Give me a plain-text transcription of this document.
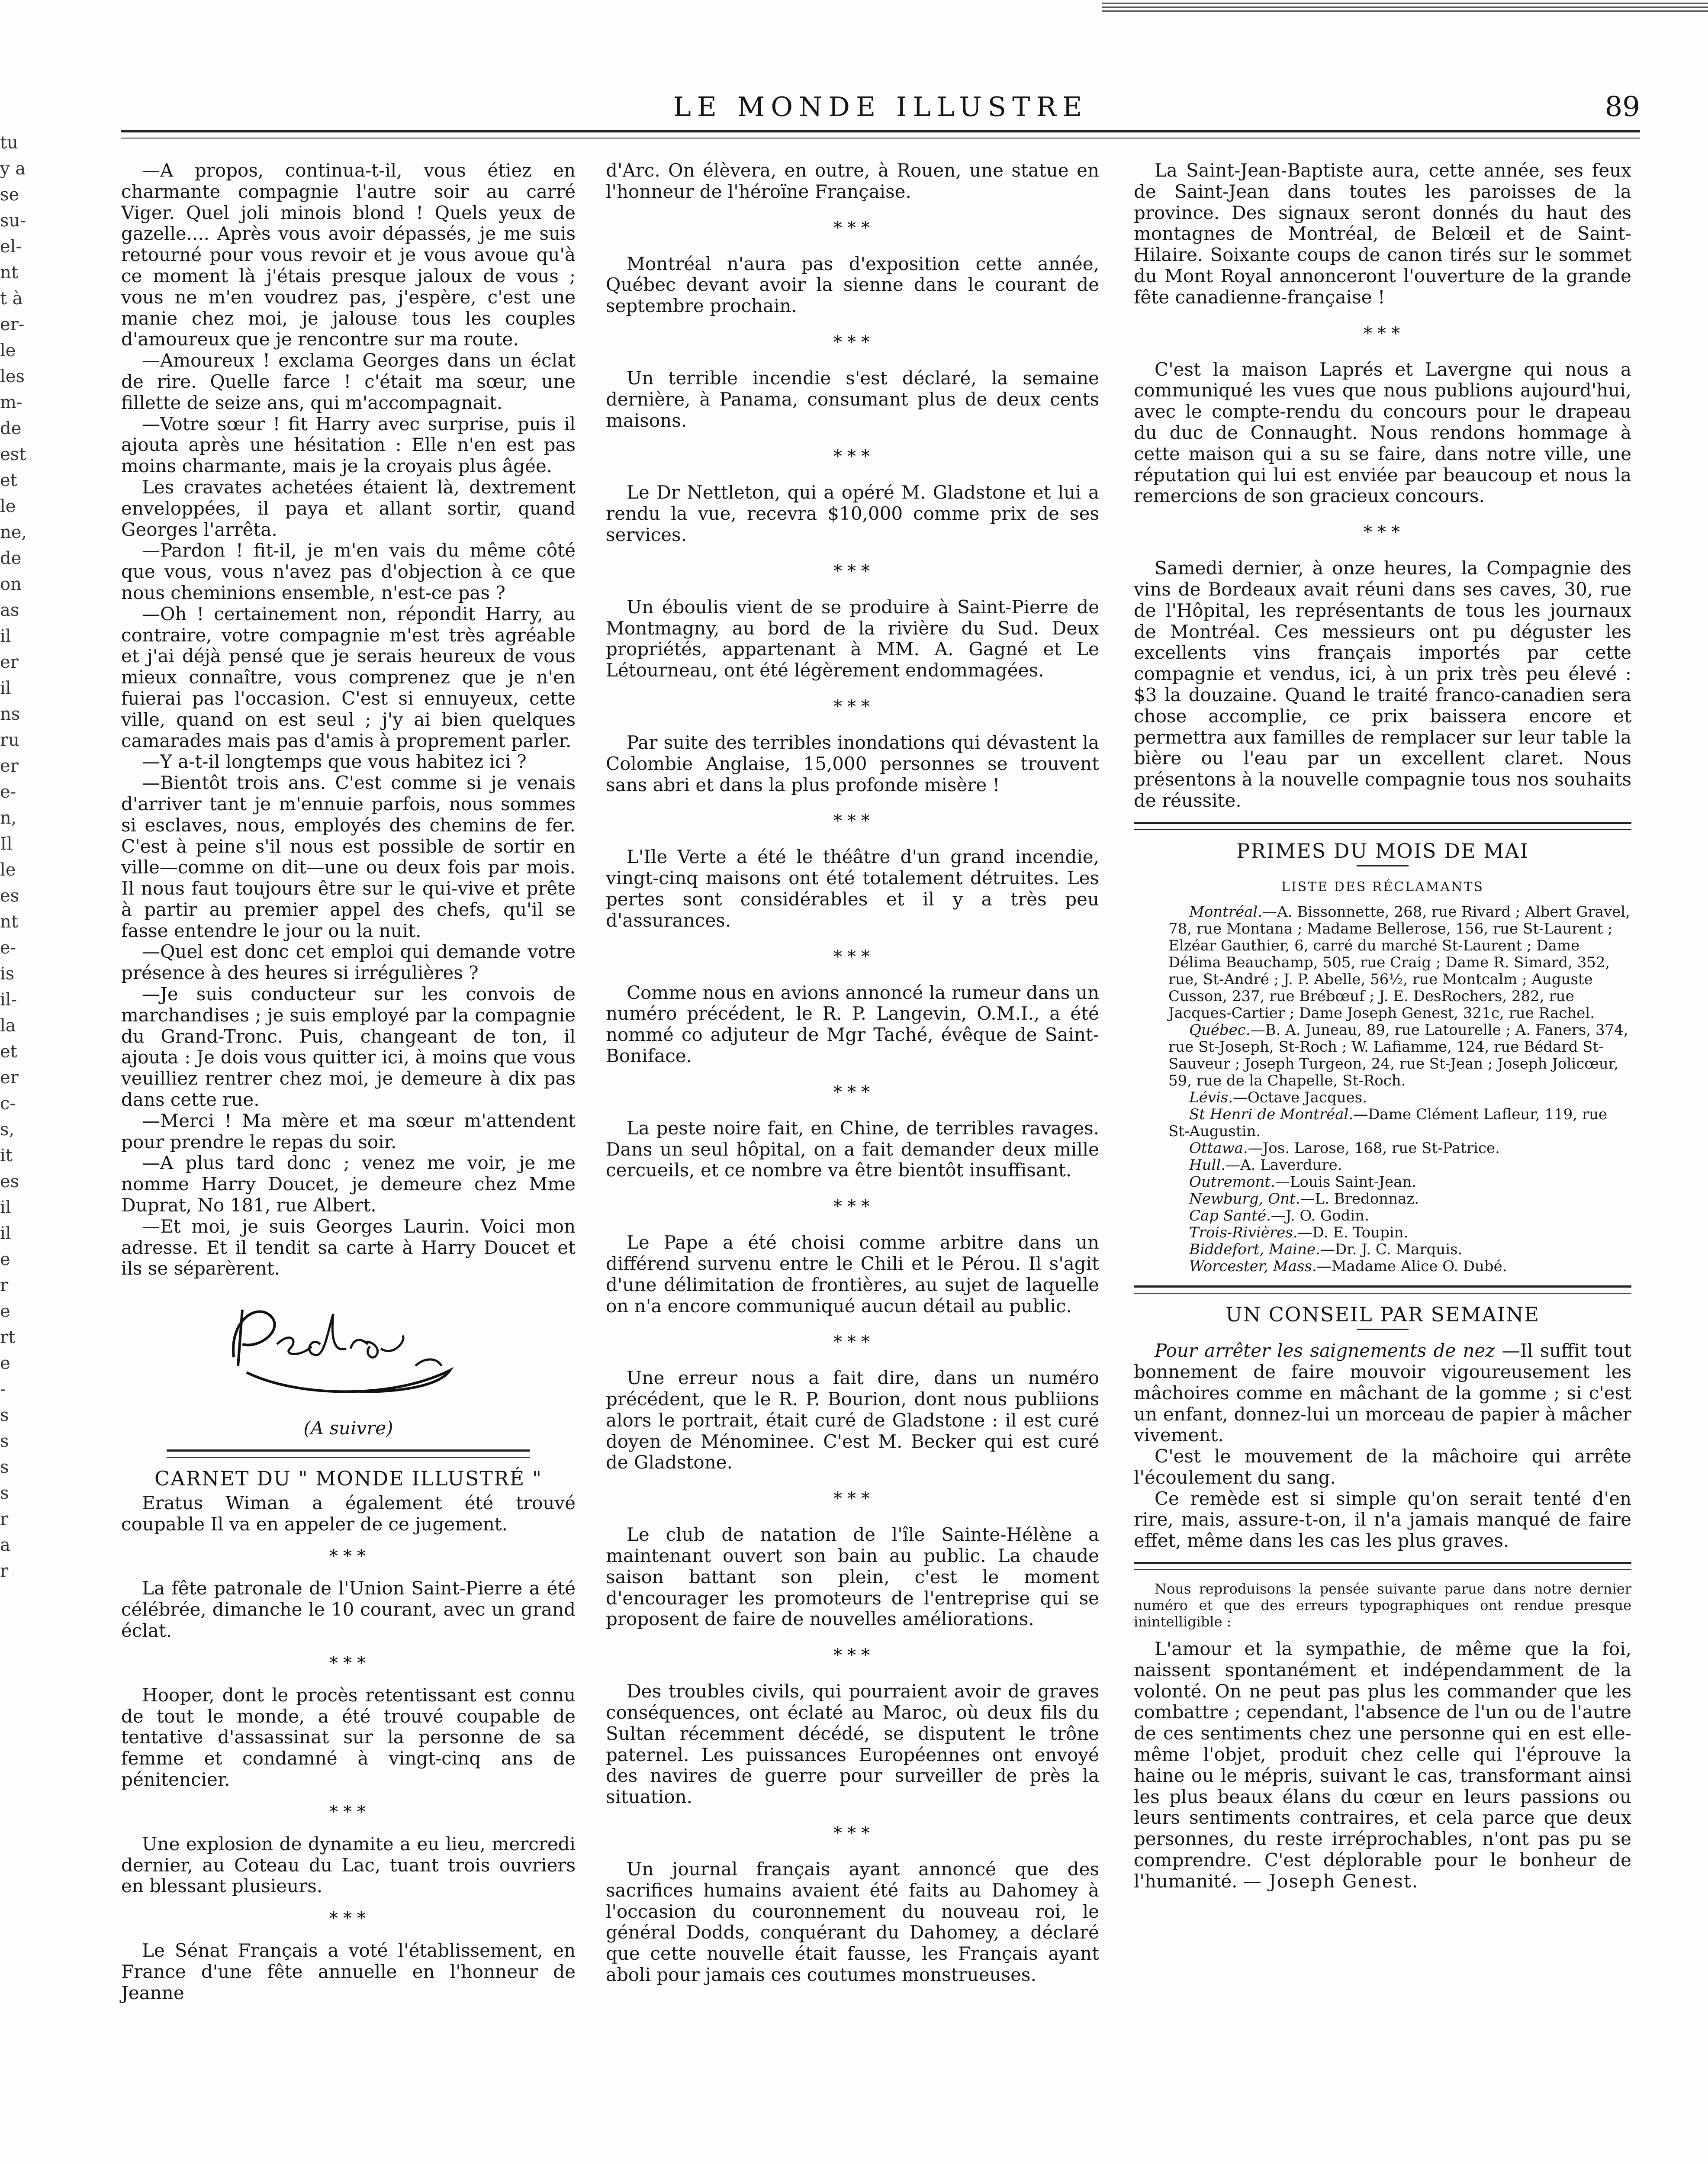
tu
y a
se
su-
el-
nt
t à
er-
le
les
m-
de
est
et
le
ne,
de
on
as
il
er
il
ns
ru
er
e-
n,
Il
le
es
nt
e-
is
il-
la
et
er
c-
s,
it
es
il
il
e
r
e
rt
e
-
s
s
s
s
r
a
r
LE MONDE ILLUSTRE	89

—A propos, continua-t-il, vous étiez en charmante compagnie l'autre soir au carré Viger. Quel joli minois blond ! Quels yeux de gazelle.... Après vous avoir dépassés, je me suis retourné pour vous revoir et je vous avoue qu'à ce moment là j'étais presque jaloux de vous ; vous ne m'en voudrez pas, j'espère, c'est une manie chez moi, je jalouse tous les couples d'amoureux que je rencontre sur ma route.

—Amoureux ! exclama Georges dans un éclat de rire. Quelle farce ! c'était ma sœur, une fillette de seize ans, qui m'accompagnait.

—Votre sœur ! fit Harry avec surprise, puis il ajouta après une hésitation : Elle n'en est pas moins charmante, mais je la croyais plus âgée.

Les cravates achetées étaient là, dextrement enveloppées, il paya et allant sortir, quand Georges l'arrêta.

—Pardon ! fit-il, je m'en vais du même côté que vous, vous n'avez pas d'objection à ce que nous cheminions ensemble, n'est-ce pas ?

—Oh ! certainement non, répondit Harry, au contraire, votre compagnie m'est très agréable et j'ai déjà pensé que je serais heureux de vous mieux connaître, vous comprenez que je n'en fuierai pas l'occasion. C'est si ennuyeux, cette ville, quand on est seul ; j'y ai bien quelques camarades mais pas d'amis à proprement parler.

—Y a-t-il longtemps que vous habitez ici ?

—Bientôt trois ans. C'est comme si je venais d'arriver tant je m'ennuie parfois, nous sommes si esclaves, nous, employés des chemins de fer. C'est à peine s'il nous est possible de sortir en ville—comme on dit—une ou deux fois par mois. Il nous faut toujours être sur le qui-vive et prête à partir au premier appel des chefs, qu'il se fasse entendre le jour ou la nuit.

—Quel est donc cet emploi qui demande votre présence à des heures si irrégulières ?

—Je suis conducteur sur les convois de marchandises ; je suis employé par la compagnie du Grand-Tronc. Puis, changeant de ton, il ajouta : Je dois vous quitter ici, à moins que vous veuilliez rentrer chez moi, je demeure à dix pas dans cette rue.

—Merci ! Ma mère et ma sœur m'attendent pour prendre le repas du soir.

—A plus tard donc ; venez me voir, je me nomme Harry Doucet, je demeure chez Mme Duprat, No 181, rue Albert.

—Et moi, je suis Georges Laurin. Voici mon adresse. Et il tendit sa carte à Harry Doucet et ils se séparèrent.

(A suivre)
CARNET DU " MONDE ILLUSTRÉ "

Eratus Wiman a également été trouvé coupable Il va en appeler de ce jugement.

* * *

La fête patronale de l'Union Saint-Pierre a été célébrée, dimanche le 10 courant, avec un grand éclat.

* * *

Hooper, dont le procès retentissant est connu de tout le monde, a été trouvé coupable de tentative d'assassinat sur la personne de sa femme et condamné à vingt-cinq ans de pénitencier.

* * *

Une explosion de dynamite a eu lieu, mercredi dernier, au Coteau du Lac, tuant trois ouvriers en blessant plusieurs.

* * *

Le Sénat Français a voté l'établissement, en France d'une fête annuelle en l'honneur de Jeanne

d'Arc. On élèvera, en outre, à Rouen, une statue en l'honneur de l'héroïne Française.

* * *

Montréal n'aura pas d'exposition cette année, Québec devant avoir la sienne dans le courant de septembre prochain.

* * *

Un terrible incendie s'est déclaré, la semaine dernière, à Panama, consumant plus de deux cents maisons.

* * *

Le Dr Nettleton, qui a opéré M. Gladstone et lui a rendu la vue, recevra $10,000 comme prix de ses services.

* * *

Un éboulis vient de se produire à Saint-Pierre de Montmagny, au bord de la rivière du Sud. Deux propriétés, appartenant à MM. A. Gagné et Le Létourneau, ont été légèrement endommagées.

* * *

Par suite des terribles inondations qui dévastent la Colombie Anglaise, 15,000 personnes se trouvent sans abri et dans la plus profonde misère !

* * *

L'Ile Verte a été le théâtre d'un grand incendie, vingt-cinq maisons ont été totalement détruites. Les pertes sont considérables et il y a très peu d'assurances.

* * *

Comme nous en avions annoncé la rumeur dans un numéro précédent, le R. P. Langevin, O.M.I., a été nommé co adjuteur de Mgr Taché, évêque de Saint-Boniface.

* * *

La peste noire fait, en Chine, de terribles ravages. Dans un seul hôpital, on a fait demander deux mille cercueils, et ce nombre va être bientôt insuffisant.

* * *

Le Pape a été choisi comme arbitre dans un différend survenu entre le Chili et le Pérou. Il s'agit d'une délimitation de frontières, au sujet de laquelle on n'a encore communiqué aucun détail au public.

* * *

Une erreur nous a fait dire, dans un numéro précédent, que le R. P. Bourion, dont nous publiions alors le portrait, était curé de Gladstone : il est curé doyen de Ménominee. C'est M. Becker qui est curé de Gladstone.

* * *

Le club de natation de l'île Sainte-Hélène a maintenant ouvert son bain au public. La chaude saison battant son plein, c'est le moment d'encourager les promoteurs de l'entreprise qui se proposent de faire de nouvelles améliorations.

* * *

Des troubles civils, qui pourraient avoir de graves conséquences, ont éclaté au Maroc, où deux fils du Sultan récemment décédé, se disputent le trône paternel. Les puissances Européennes ont envoyé des navires de guerre pour surveiller de près la situation.

* * *

Un journal français ayant annoncé que des sacrifices humains avaient été faits au Dahomey à l'occasion du couronnement du nouveau roi, le général Dodds, conquérant du Dahomey, a déclaré que cette nouvelle était fausse, les Français ayant aboli pour jamais ces coutumes monstrueuses.

La Saint-Jean-Baptiste aura, cette année, ses feux de Saint-Jean dans toutes les paroisses de la province. Des signaux seront donnés du haut des montagnes de Montréal, de Belœil et de Saint-Hilaire. Soixante coups de canon tirés sur le sommet du Mont Royal annonceront l'ouverture de la grande fête canadienne-française !

* * *

C'est la maison Laprés et Lavergne qui nous a communiqué les vues que nous publions aujourd'hui, avec le compte-rendu du concours pour le drapeau du duc de Connaught. Nous rendons hommage à cette maison qui a su se faire, dans notre ville, une réputation qui lui est enviée par beaucoup et nous la remercions de son gracieux concours.

* * *

Samedi dernier, à onze heures, la Compagnie des vins de Bordeaux avait réuni dans ses caves, 30, rue de l'Hôpital, les représentants de tous les journaux de Montréal. Ces messieurs ont pu déguster les excellents vins français importés par cette compagnie et vendus, ici, à un prix très peu élevé : $3 la douzaine. Quand le traité franco-canadien sera chose accomplie, ce prix baissera encore et permettra aux familles de remplacer sur leur table la bière ou l'eau par un excellent claret. Nous présentons à la nouvelle compagnie tous nos souhaits de réussite.

PRIMES DU MOIS DE MAI
LISTE DES RÉCLAMANTS

Montréal.—A. Bissonnette, 268, rue Rivard ; Albert Gravel, 78, rue Montana ; Madame Bellerose, 156, rue St-Laurent ; Elzéar Gauthier, 6, carré du marché St-Laurent ; Dame Délima Beauchamp, 505, rue Craig ; Dame R. Simard, 352, rue, St-André ; J. P. Abelle, 56½, rue Montcalm ; Auguste Cusson, 237, rue Brébœuf ; J. E. DesRochers, 282, rue Jacques-Cartier ; Dame Joseph Genest, 321c, rue Rachel.

Québec.—B. A. Juneau, 89, rue Latourelle ; A. Faners, 374, rue St-Joseph, St-Roch ; W. Lafiamme, 124, rue Bédard St-Sauveur ; Joseph Turgeon, 24, rue St-Jean ; Joseph Jolicœur, 59, rue de la Chapelle, St-Roch.

Lévis.—Octave Jacques.

St Henri de Montréal.—Dame Clément Lafleur, 119, rue St-Augustin.

Ottawa.—Jos. Larose, 168, rue St-Patrice.

Hull.—A. Laverdure.

Outremont.—Louis Saint-Jean.

Newburg, Ont.—L. Bredonnaz.

Cap Santé.—J. O. Godin.

Trois-Rivières.—D. E. Toupin.

Biddefort, Maine.—Dr. J. C. Marquis.

Worcester, Mass.—Madame Alice O. Dubé.

UN CONSEIL PAR SEMAINE

Pour arrêter les saignements de nez —Il suffit tout bonnement de faire mouvoir vigoureusement les mâchoires comme en mâchant de la gomme ; si c'est un enfant, donnez-lui un morceau de papier à mâcher vivement.

C'est le mouvement de la mâchoire qui arrête l'écoulement du sang.

Ce remède est si simple qu'on serait tenté d'en rire, mais, assure-t-on, il n'a jamais manqué de faire effet, même dans les cas les plus graves.

Nous reproduisons la pensée suivante parue dans notre dernier numéro et que des erreurs typographiques ont rendue presque inintelligible :

L'amour et la sympathie, de même que la foi, naissent spontanément et indépendamment de la volonté. On ne peut pas plus les commander que les combattre ; cependant, l'absence de l'un ou de l'autre de ces sentiments chez une personne qui en est elle-même l'objet, produit chez celle qui l'éprouve la haine ou le mépris, suivant le cas, transformant ainsi les plus beaux élans du cœur en leurs passions ou leurs sentiments contraires, et cela parce que deux personnes, du reste irréprochables, n'ont pas pu se comprendre. C'est déplorable pour le bonheur de l'humanité. — Joseph Genest.
